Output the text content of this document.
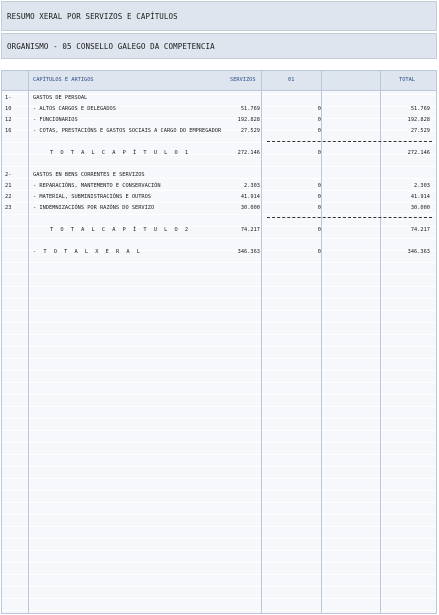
RESUMO XERAL POR SERVIZOS E CAPÍTULOS
ORGANISMO - 05 CONSELLO GALEGO DA COMPETENCIA
CAPÍTULOS E ARTIGOS	SERVIZOS	01	TOTAL
1-	GASTOS DE PERSOAL
10	- ALTOS CARGOS E DELEGADOS	51.769	0	51.769
12	- FUNCIONARIOS	192.828	0	192.828
16	- COTAS, PRESTACIÓNS E GASTOS SOCIAIS A CARGO DO EMPREGADOR	27.529	0	27.529
T O T A L C A P Í T U L O 1	272.146	0	272.146
2-	GASTOS EN BENS CORRENTES E SERVIZOS
21	- REPARACIÓNS, MANTEMENTO E CONSERVACIÓN	2.303	0	2.303
22	- MATERIAL, SUBMINISTRACIÓNS E OUTROS	41.914	0	41.914
23	- INDEMNIZACIÓNS POR RAZÓNS DO SERVIZO	30.000	0	30.000
T O T A L C A P Í T U L O 2	74.217	0	74.217
- T O T A L X E R A L	346.363	0	346.363
